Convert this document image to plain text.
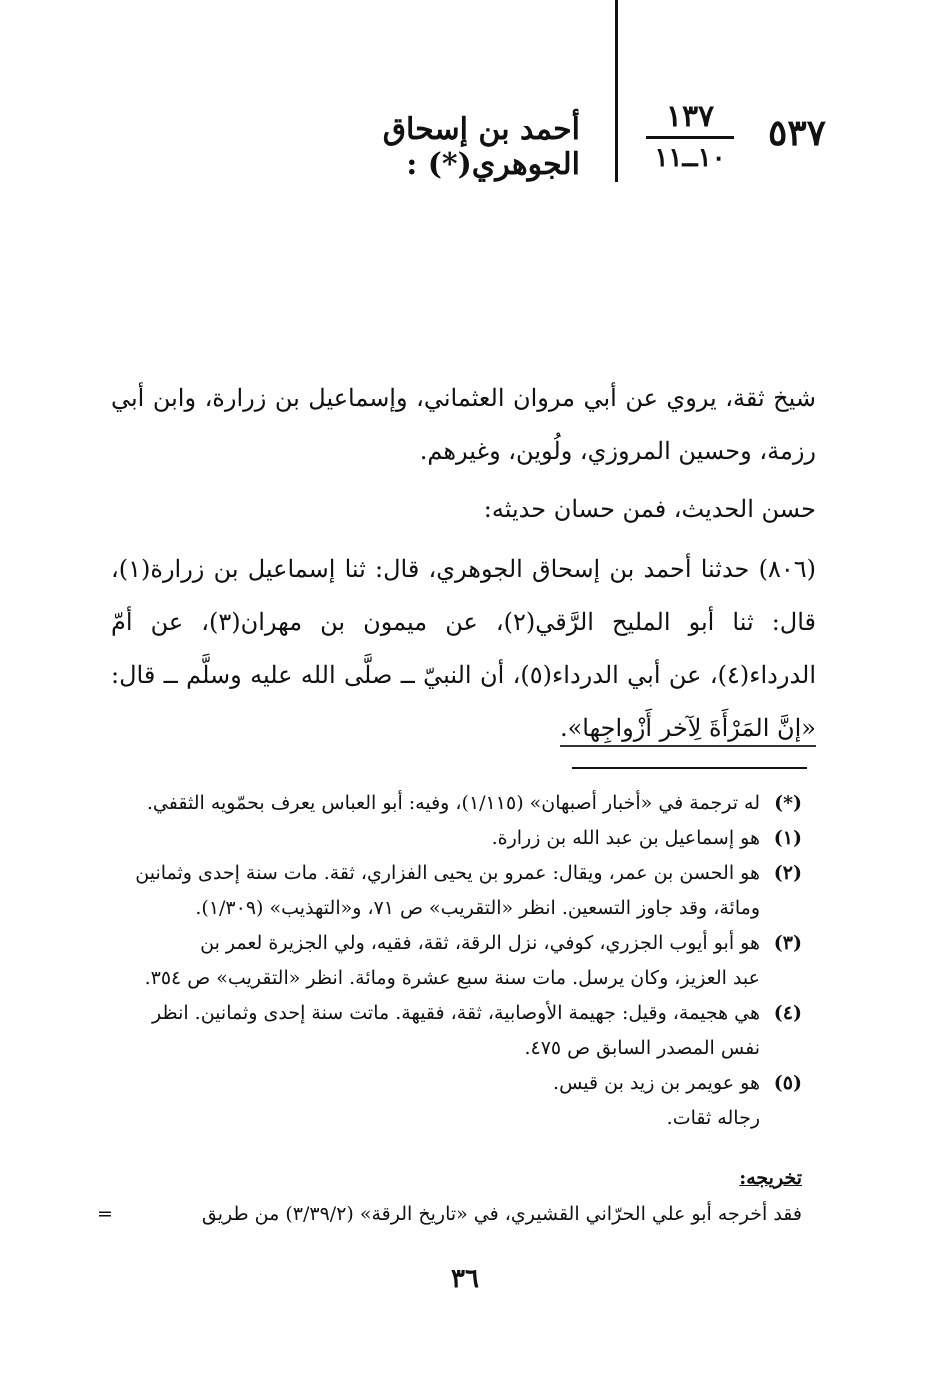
٥٣٧
١٣٧
١٠ــ١١
أحمد بن إسحاق الجوهري(*) :
شيخ ثقة، يروي عن أبي مروان العثماني، وإسماعيل بن زرارة، وابن أبي رزمة، وحسين المروزي، ولُوين، وغيرهم.
حسن الحديث، فمن حسان حديثه:
(٨٠٦) حدثنا أحمد بن إسحاق الجوهري، قال: ثنا إسماعيل بن زرارة(١)، قال: ثنا أبو المليح الرَّقي(٢)، عن ميمون بن مهران(٣)، عن أمّ الدرداء(٤)، عن أبي الدرداء(٥)، أن النبيّ ــ صلَّى الله عليه وسلَّم ــ قال: «إنَّ المَرْأَةَ لِآخر أَزْواجِها».
(*)
له ترجمة في «أخبار أصبهان» (١/١١٥)، وفيه: أبو العباس يعرف بحمّويه الثقفي.
(١)
هو إسماعيل بن عبد الله بن زرارة.
(٢)
هو الحسن بن عمر، ويقال: عمرو بن يحيى الفزاري، ثقة. مات سنة إحدى وثمانين
ومائة، وقد جاوز التسعين. انظر «التقريب» ص ٧١، و«التهذيب» (١/٣٠٩).
(٣)
هو أبو أيوب الجزري، كوفي، نزل الرقة، ثقة، فقيه، ولي الجزيرة لعمر بن
عبد العزيز، وكان يرسل. مات سنة سبع عشرة ومائة. انظر «التقريب» ص ٣٥٤.
(٤)
هي هجيمة، وقيل: جهيمة الأوصابية، ثقة، فقيهة. ماتت سنة إحدى وثمانين. انظر
نفس المصدر السابق ص ٤٧٥.
(٥)
هو عويمر بن زيد بن قيس.
رجاله ثقات.
تخريجه:
فقد أخرجه أبو علي الحرّاني القشيري، في «تاريخ الرقة» (٣/٣٩/٢) من طريق
=
٣٦
